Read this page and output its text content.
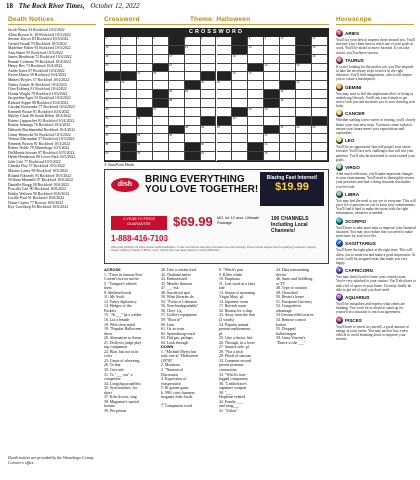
18 The Rock River Times, October 12, 2022
Death Notices	Crossword	Theme: Halloween	Horoscope
Jacob Nease 32 Rockford 10/3/2022
Allan Bryson Jr. 38 Rockford 10/3/2022
Jerome Jaycox III Rockford 10/3/2022
Gerald Strauß 70 Rockford 10/3/2022
Madeline Fisher 93 Rockford 10/3/2022
Ann Sisher 95 Rockford 10/3/2022
James Heathcoat 72 Rockford 10/4/2022
Bonnie Coltman 78 Rockford 10/4/2022
Henry Rex 73 Rockford 10/4/2022
Andre Jones 67 Rockford 10/4/2022
Kevin Mason 59 Rockford 10/4/2022
Mattew Boyles 37 Rockford 10/4/2022
Neaira Austin 30 Rockford 10/4/2022
Glen Eckberg 91 Rockford 10/4/2022
Donna Wright 78 Rockford 10/4/2022
Jacqueline Agee 53 Rockford 10/4/2022
Richard Soppe 88 Rockford 10/4/2022
Carolan Kortzenke 77 Rockford 10/4/2022
Kenneth Bouce 81 Rockford 10/4/2022
Shirley Clark 86 South Beloit 10/4/2022
Robert Lippuscher 91 Rockford 10/4/2022
Bonita Jennings 76 Rockford 10/4/2022
Deborah Buchbaendal Rockford 10/4/2022
Ginny Heinecke 92 Rockford 10/3/2022
Vernon Martindale 57 Rockford 10/3/2022
Kenneth Brown 81 Rockford 10/3/2022
Robert Noble 78 Winnebago 10/3/2022
DelMenda Strouse 87 Rockford 10/5/2022
Helen Henderson 80 Loves Park 10/5/2022
Julie Lyle 77 Rockford 10/5/2022
Claudia Day 37 Rockford 10/5/2022
Maxine Laney 98 Rockford 10/5/2022
Roland Edwards 93 Rockford 10/5/2022
William Mannelli 97 Rockford 10/6/2022
Danielle Bragg 38 Rockford 10/6/2022
Priscilla Carr 90 Rockford 10/6/2022
Bobby Walston 90 Rockford 10/6/2022
Lucille Paul 91 Rockford 10/6/2022
Diane Cayers 77 Roscoe 10/6/2022
Roy Lowthorp 83 Rockford 10/6/2022
Death notices are provided by the Winnebago County Coroner's office.
CROSSWORD
1	2	3	4	5	6	7	8	9	10	11
12	13	14	15
16	17	18	19
20	21	22	23
24	25	26	27
28	29	30	31	32
33	34	35	36
37	38	39
40	41	42	43
44	45	46
47	48	49	50	51	52	53
54	55	56	57
58	59	60	61
62	63	64	65
© StatePoint Media
dish	BRING EVERYTHING
YOU LOVE TOGETHER!
Blazing Fast Internet!
$19.99
2-YEAR TV PRICE GUARANTEE	$69.99 MO. for 12 mos. Ultimate Package
190 CHANNELS Including Local Channels!
1-888-416-7103
Offer ends 10/31/22. All offers require credit qualification, 2-Year commitment with early termination fee and eAutopay. Prices include Hopper Duo for qualifying customers. Hopper, Hopper w/Sling or Hopper 3 $5/mo. more. Upfront fees may apply based on credit qualification.
ACROSS
1. "Trees in famous Ken
Craven's horror movie
5. "Vampire's altered
form
8. Sheltered nook
11. Mr. Swift
12. Fancy diplomacy
14. Hedges of the
Packers
15. "Al___" ha a soldier
16. Lia a female
18. With clear mind
19. "Popular Halloween
decor
20. Alternative to Saran
21. Dollyoor judge play-
ing companion
22. Blue, but not as in
color
23. Cause of wheezing
26. To that
30. Corn site
31. To "___ out" a
competitor
34. Longship propellers
35. Synchronizes, for
short
37. Kiln Across, sing
38. Magazine's special
feature
39. Per person
40. Like a certain food
42. Thailand native
43. Embarrassed
45. Metalic element
47. ___-tsk
48. Sacrificial spot
50. What libraries do
52. "Fortis et Liberatus
56. Non-biodegradable"
56. Chev. e.g.
57. Golfer's equipment
59. "Boot it!"
60. Lmn
61. Ox in town
62. Spartathong-ward
63. Did gas, perhaps
64. Look through
DOWN
1. "Michael Myers has
only one in "Halloween
(1978)"
2. Meadows
3. "Numerical
Discussion
4. Expression of
exasperation
5. Ill-gotten gains
6. 99% costs business
magnate John Jacob
___
7. Companion word
8. "Witch's pan
9. Killer whale
10. Emphasis
11. Lest word in a fairy
tale
13. Statue of mourning
Virgin Mary, pl.
14. Japanese room
17. Refresh room
22. Reason for a ship
23. Away from the Sun
(2 words)
24. Popular animal
protein replacement,
pl.
25. Like a doctor fish
26. Through, in a lover
27. Sunrise side, pl.
28. "Not a trick
29. Plural of sistrum
32. Common second
person pronoun
contraction
33. "Witch's four-
legged companion
36. "Leatherface's
signature weapon
38. "___
Hopbone-related
42. Family ___
and wing___
41. "Unbar"
44. Data transmitting
device
46. Anne and Goldberg,
of TV
48. Type of rotation
49. Cherished
50. Bessie's home
51. European Currency
53. Competitive
advantage
53 Uncontrolled swerve
54. Remote control
button
55. Dropped
hallucinogen
58. Gene Vincent's
"Dance to the ___"
♈ ARIES
You'll try your best to impress those around you. You'll increase your client base to reach one of your goals at work. You'll be afraid to move forward. If you take action, you'll achieve success.
♉ TAURUS
If you're looking for the perfect job, you'll be inspired to take the necessary steps to move in the right direction. You'll feed imagination, which will inspire you to create a masterpiece.
♊ GEMINI
You may start to feel the unpleasant effect of being in underlying lifestyle. You'll ask your friends to get active with you and motivate you to start showing your body.
♋ CANCER
Whether starting a new career or retiring, you'll closely honor your own next steps. You must create a plan to ensure your future meets your expectations and aspirations.
♌ LEO
You'll be an opportunity that will propel your career forward. You'll face new challenges that will test your patience. You'll also be motivated to work toward your goals.
♍ VIRGO
After much reflection, you'll make important changes to your environment. You'll need to thoroughly review your priorities and find a living situation that makes you feel safe.
♎ LIBRA
You may feel the need to say yes to everyone. This will put a lot of pressure on you to keep your commitments. You'll find it hard to make decisions with the right information, whatever is needed.
♏ SCORPIO
You'll have to take more time to improve your financial situation. You may also realize that you need to make more time for your love life.
♐ SAGITTARIUS
You'll have the right place at the right time. This will allow you to stand out and make a good impression. At work, you'll be assigned tasks that make you very happy.
♑ CAPRICORN
You may find it hard to leave your comfort zone. You're very attached to your routine. You'll also have to take a bit of space in your home. You may finally be able to get rid of stuff you don't need.
♒ AQUARIUS
You'll be outspoken and express what others are thinking. You won't be as afraid to stand up for yourself in a situation to reach an agreement.
♓ PISCES
You'll have to invest in yourself, a good amount of energy in your career. You may need to buy a new vehicle to avoid breaking down or improve your income.
